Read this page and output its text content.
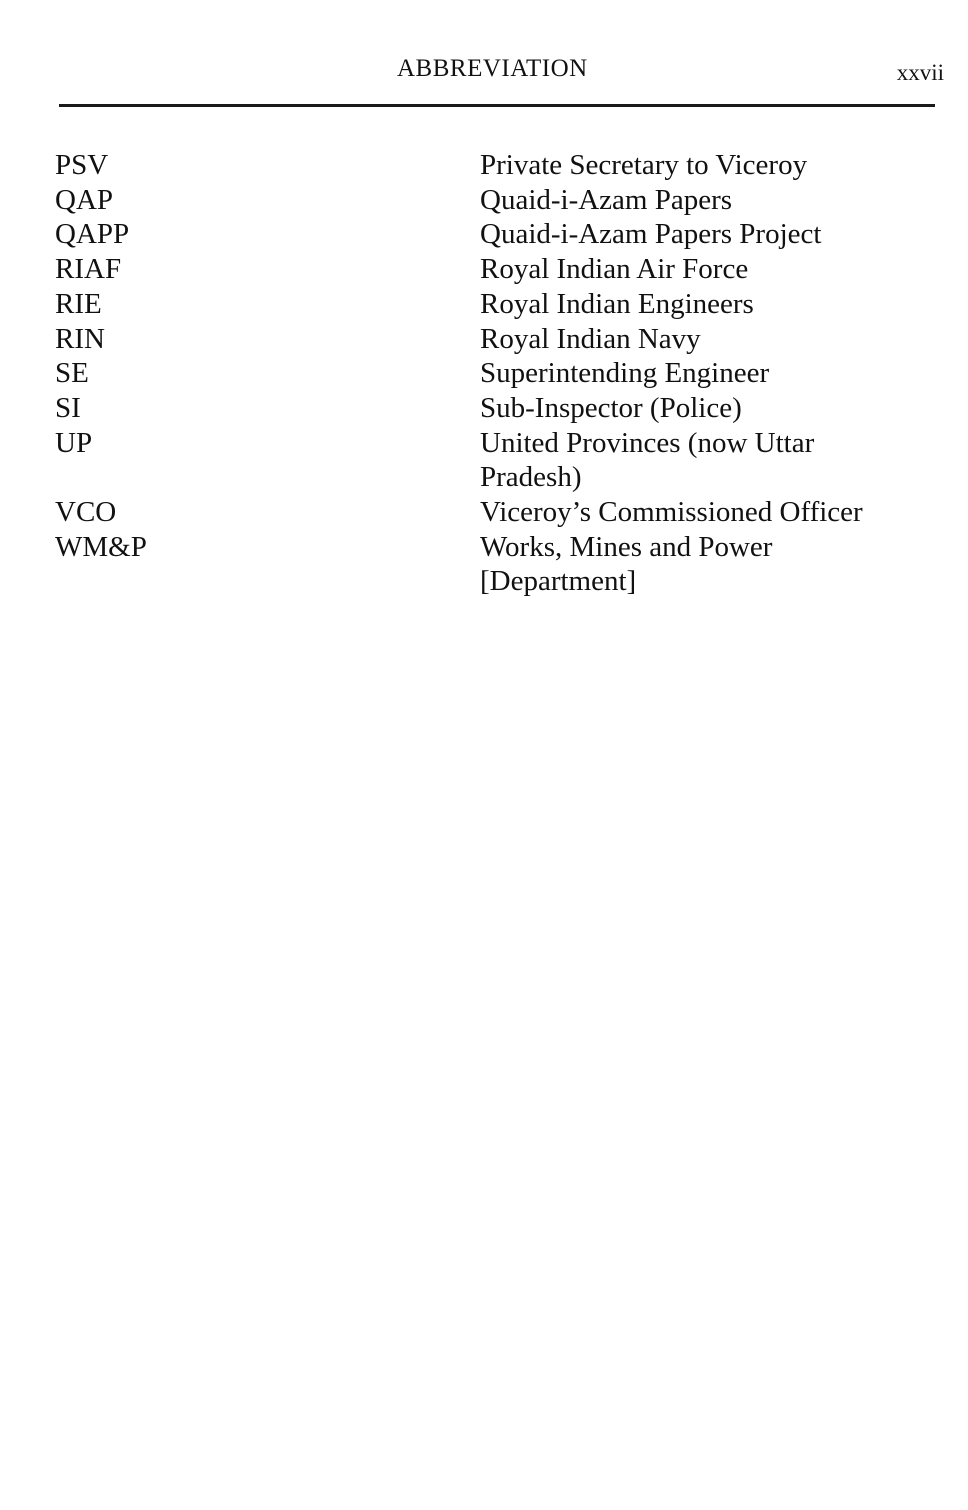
ABBREVIATION	xxvii
PSV	Private Secretary to Viceroy
QAP	Quaid-i-Azam Papers
QAPP	Quaid-i-Azam Papers Project
RIAF	Royal Indian Air Force
RIE	Royal Indian Engineers
RIN	Royal Indian Navy
SE	Superintending Engineer
SI	Sub-Inspector (Police)
UP	United Provinces (now Uttar Pradesh)
VCO	Viceroy’s Commissioned Officer
WM&P	Works, Mines and Power [Department]
